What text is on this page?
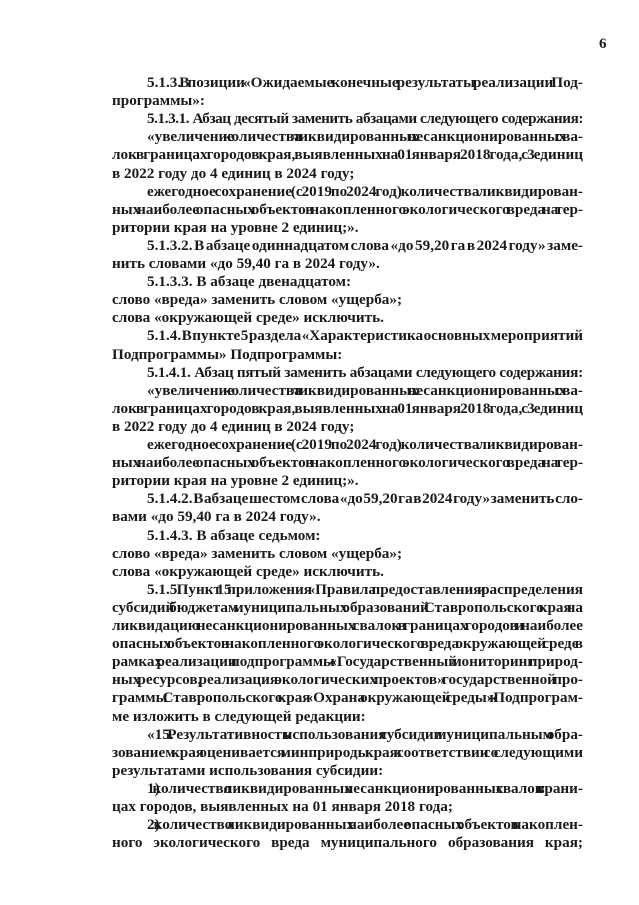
6
5.1.3. В позиции «Ожидаемые конечные результаты реализации Под-
программы»:
5.1.3.1. Абзац десятый заменить абзацами следующего содержания:
«увеличение количества ликвидированных несанкционированных сва-
лок в границах городов края, выявленных на 01 января 2018 года, с 3 единиц
в 2022 году до 4 единиц в 2024 году;
ежегодное сохранение (с 2019 по 2024 год) количества ликвидирован-
ных наиболее опасных объектов накопленного экологического вреда на тер-
ритории края на уровне 2 единиц;».
5.1.3.2. В абзаце одиннадцатом слова «до 59,20 га в 2024 году» заме-
нить словами «до 59,40 га в 2024 году».
5.1.3.3. В абзаце двенадцатом:
слово «вреда» заменить словом «ущерба»;
слова «окружающей среде» исключить.
5.1.4. В пункте 5 раздела «Характеристика основных мероприятий
Подпрограммы» Подпрограммы:
5.1.4.1. Абзац пятый заменить абзацами следующего содержания:
«увеличение количества ликвидированных несанкционированных сва-
лок в границах городов края, выявленных на 01 января 2018 года, с 3 единиц
в 2022 году до 4 единиц в 2024 году;
ежегодное сохранение (с 2019 по 2024 год) количества ликвидирован-
ных наиболее опасных объектов накопленного экологического вреда на тер-
ритории края на уровне 2 единиц;».
5.1.4.2. В абзаце шестом слова «до 59,20 га в 2024 году» заменить сло-
вами «до 59,40 га в 2024 году».
5.1.4.3. В абзаце седьмом:
слово «вреда» заменить словом «ущерба»;
слова «окружающей среде» исключить.
5.1.5. Пункт 15 приложения «Правила предоставления и распределения
субсидий бюджетам муниципальных образований Ставропольского края на
ликвидацию несанкционированных свалок в границах городов и наиболее
опасных объектов накопленного экологического вреда окружающей среде в
рамках реализации подпрограммы «Государственный мониторинг природ-
ных ресурсов, реализация экологических проектов» государственной про-
граммы Ставропольского края «Охрана окружающей среды» к Подпрограм-
ме изложить в следующей редакции:
«15. Результативность использования субсидии муниципальным обра-
зованием края оценивается минприроды края в соответствии со следующими
результатами использования субсидии:
1) количество ликвидированных несанкционированных свалок в грани-
цах городов, выявленных на 01 января 2018 года;
2) количество ликвидированных наиболее опасных объектов накоплен-
ного экологического вреда муниципального образования края;
